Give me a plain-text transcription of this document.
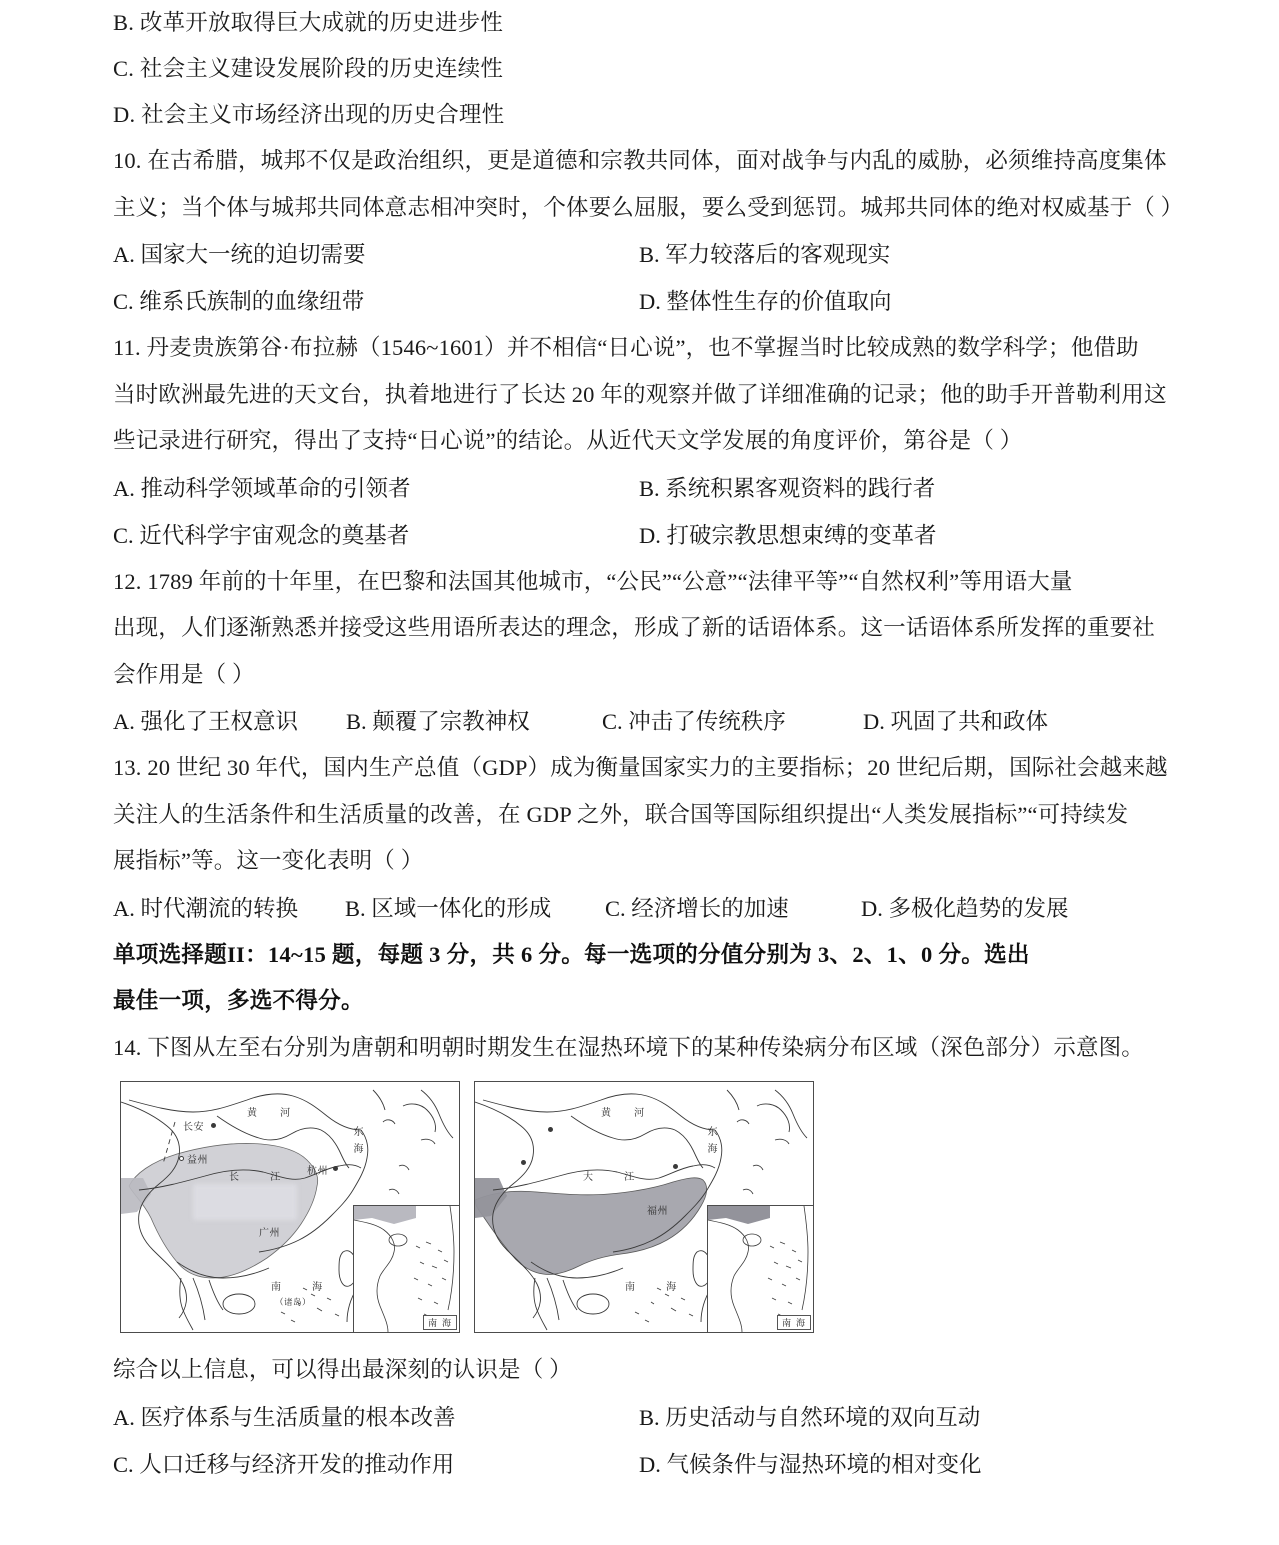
B. 改革开放取得巨大成就的历史进步性
C. 社会主义建设发展阶段的历史连续性
D. 社会主义市场经济出现的历史合理性
10. 在古希腊，城邦不仅是政治组织，更是道德和宗教共同体，面对战争与内乱的威胁，必须维持高度集体
主义；当个体与城邦共同体意志相冲突时，个体要么屈服，要么受到惩罚。城邦共同体的绝对权威基于（ ）
A. 国家大一统的迫切需要	B. 军力较落后的客观现实
C. 维系氏族制的血缘纽带	D. 整体性生存的价值取向
11. 丹麦贵族第谷·布拉赫（1546~1601）并不相信“日心说”，也不掌握当时比较成熟的数学科学；他借助
当时欧洲最先进的天文台，执着地进行了长达 20 年的观察并做了详细准确的记录；他的助手开普勒利用这
些记录进行研究，得出了支持“日心说”的结论。从近代天文学发展的角度评价，第谷是（ ）
A. 推动科学领域革命的引领者	B. 系统积累客观资料的践行者
C. 近代科学宇宙观念的奠基者	D. 打破宗教思想束缚的变革者
12. 1789 年前的十年里，在巴黎和法国其他城市，“公民”“公意”“法律平等”“自然权利”等用语大量
出现，人们逐渐熟悉并接受这些用语所表达的理念，形成了新的话语体系。这一话语体系所发挥的重要社
会作用是（ ）
A. 强化了王权意识 B. 颠覆了宗教神权	C. 冲击了传统秩序	D. 巩固了共和政体
13. 20 世纪 30 年代，国内生产总值（GDP）成为衡量国家实力的主要指标；20 世纪后期，国际社会越来越
关注人的生活条件和生活质量的改善，在 GDP 之外，联合国等国际组织提出“人类发展指标”“可持续发
展指标”等。这一变化表明（ ）
A. 时代潮流的转换 B. 区域一体化的形成 C. 经济增长的加速	D. 多极化趋势的发展
单项选择题II：14~15 题，每题 3 分，共 6 分。每一选项的分值分别为 3、2、1、0 分。选出
最佳一项，多选不得分。
14. 下图从左至右分别为唐朝和明朝时期发生在湿热环境下的某种传染病分布区域（深色部分）示意图。
长安
益州
杭州
广州
长 江
黄 河
东 海
南 海
（诸岛）
南 海
福州
大 江
黄 河
东 海
南 海
南 海
综合以上信息，可以得出最深刻的认识是（ ）
A. 医疗体系与生活质量的根本改善	B. 历史活动与自然环境的双向互动
C. 人口迁移与经济开发的推动作用	D. 气候条件与湿热环境的相对变化
